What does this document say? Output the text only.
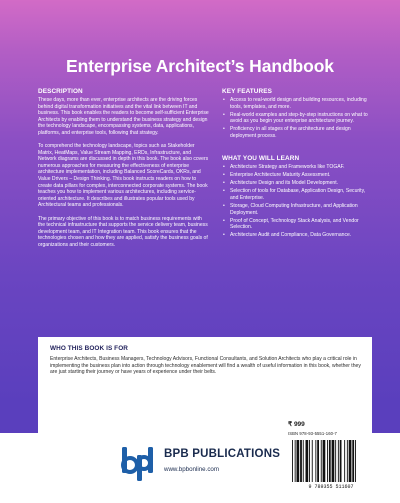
Enterprise Architect’s Handbook
DESCRIPTION

These days, more than ever, enterprise architects are the driving forces behind digital transformation initiatives and the vital link between IT and business. This book enables the readers to become self-sufficient Enterprise Architects by enabling them to understand the business strategy and design the technology landscape, encompassing systems, data, applications, platforms, and enterprise tools, following that strategy.

To comprehend the technology landscape, topics such as Stakeholder Matrix, HeatMaps, Value Stream Mapping, ERDs, Infrastructure, and Network diagrams are discussed in depth in this book. The book also covers numerous approaches for measuring the effectiveness of enterprise architecture implementation, including Balanced ScoreCards, OKRs, and Value Drivers – Design Thinking. This book instructs readers on how to create data pillars for complex, interconnected corporate systems. The book teaches you how to implement various architectures, including service-oriented architecture. It describes and illustrates popular tools used by Architectural teams and professionals.

The primary objective of this book is to match business requirements with the technical infrastructure that supports the service delivery team, business development team, and IT Integration team. This book ensures that the technologies chosen and how they are applied, satisfy the business goals of organizations and their customers.

KEY FEATURES
• Access to real-world design and building resources, including tools, templates, and more.
• Real-world examples and step-by-step instructions on what to avoid as you begin your enterprise architecture journey.
• Proficiency in all stages of the architecture and design deployment process.
WHAT YOU WILL LEARN
• Architecture Strategy and Frameworks like TOGAF.
• Enterprise Architecture Maturity Assessment.
• Architecture Design and its Model Development.
• Selection of tools for Database, Application Design, Security, and Enterprise.
• Storage, Cloud Computing Infrastructure, and Application Deployment.
• Proof of Concept, Technology Stack Analysis, and Vendor Selection.
• Architecture Audit and Compliance, Data Governance.
WHO THIS BOOK IS FOR

Enterprise Architects, Business Managers, Technology Advisors, Functional Consultants, and Solution Architects who play a critical role in implementing the business plan into action through technology enablement will find a wealth of useful information in this book, whether they are just starting their journey or have years of experience under their belts.

BPB PUBLICATIONS
www.bpbonline.com
₹ 999
ISBN 978-93-5551-160-7
9 789355 511607
